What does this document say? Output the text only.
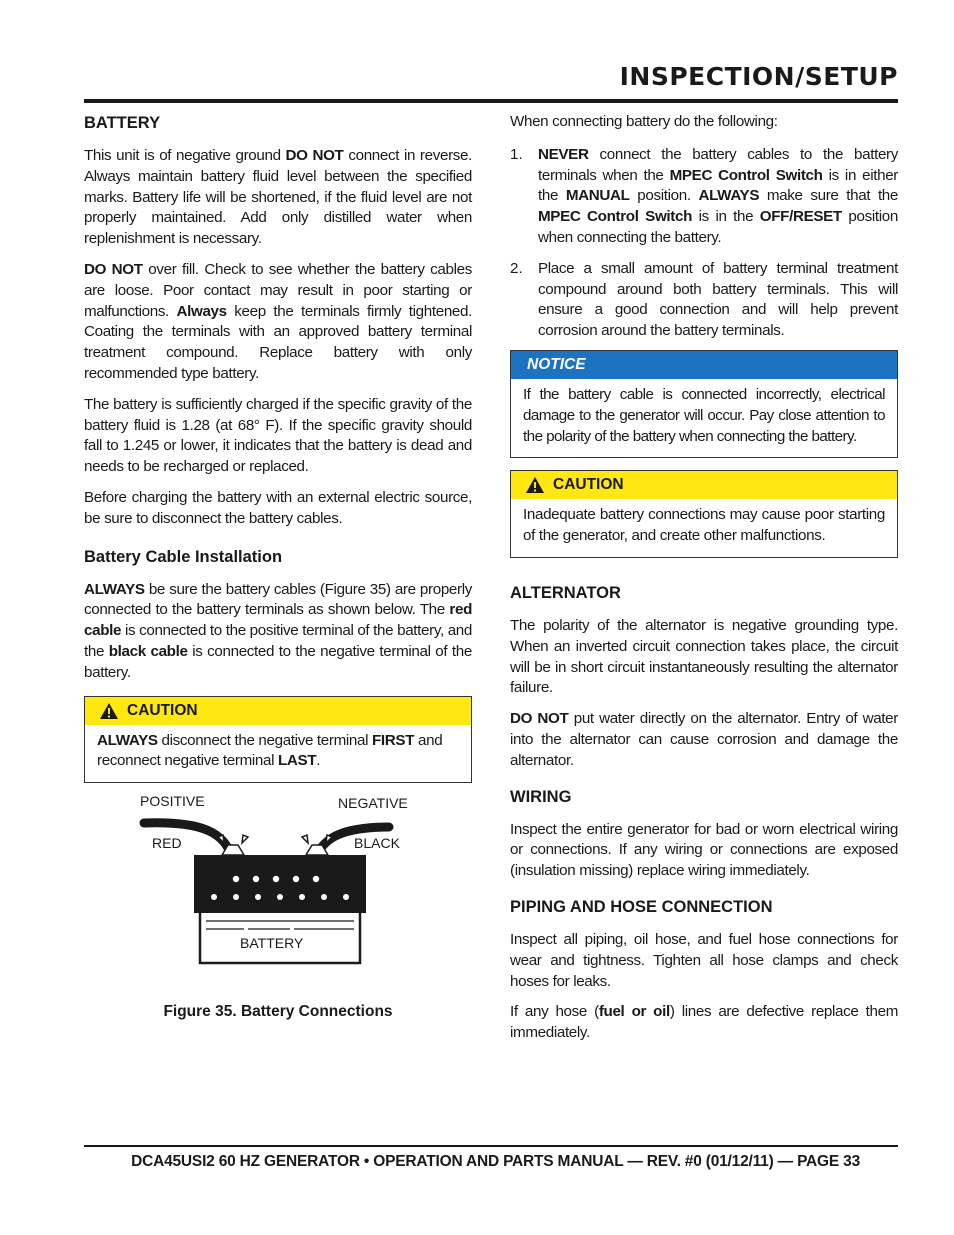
INSPECTION/SETUP
BATTERY

This unit is of negative ground DO NOT connect in reverse. Always maintain battery fluid level between the specified marks. Battery life will be shortened, if the fluid level are not properly maintained. Add only distilled water when replenishment is necessary.

DO NOT over fill. Check to see whether the battery cables are loose. Poor contact may result in poor starting or malfunctions. Always keep the terminals firmly tightened. Coating the terminals with an approved battery terminal treatment compound. Replace battery with only recommended type battery.

The battery is sufficiently charged if the specific gravity of the battery fluid is 1.28 (at 68° F). If the specific gravity should fall to 1.245 or lower, it indicates that the battery is dead and needs to be recharged or replaced.

Before charging the battery with an external electric source, be sure to disconnect the battery cables.

Battery Cable Installation

ALWAYS be sure the battery cables (Figure 35) are properly connected to the battery terminals as shown below. The red cable is connected to the positive terminal of the battery, and the black cable is connected to the negative terminal of the battery.

CAUTION

ALWAYS disconnect the negative terminal FIRST and reconnect negative terminal LAST.

POSITIVE	NEGATIVE
RED	BLACK
BATTERY
Figure 35. Battery Connections

When connecting battery do the following:

1.	NEVER connect the battery cables to the battery terminals when the MPEC Control Switch is in either the MANUAL position. ALWAYS make sure that the MPEC Control Switch is in the OFF/RESET position when connecting the battery.

2.	Place a small amount of battery terminal treatment compound around both battery terminals. This will ensure a good connection and will help prevent corrosion around the battery terminals.

NOTICE

If the battery cable is connected incorrectly, electrical damage to the generator will occur. Pay close attention to the polarity of the battery when connecting the battery.

CAUTION

Inadequate battery connections may cause poor starting of the generator, and create other malfunctions.

ALTERNATOR

The polarity of the alternator is negative grounding type. When an inverted circuit connection takes place, the circuit will be in short circuit instantaneously resulting the alternator failure.

DO NOT put water directly on the alternator. Entry of water into the alternator can cause corrosion and damage the alternator.

WIRING

Inspect the entire generator for bad or worn electrical wiring or connections. If any wiring or connections are exposed (insulation missing) replace wiring immediately.

PIPING AND HOSE CONNECTION

Inspect all piping, oil hose, and fuel hose connections for wear and tightness. Tighten all hose clamps and check hoses for leaks.

If any hose (fuel or oil) lines are defective replace them immediately.

DCA45USI2 60 HZ GENERATOR • OPERATION AND PARTS MANUAL — REV. #0 (01/12/11) — PAGE 33
